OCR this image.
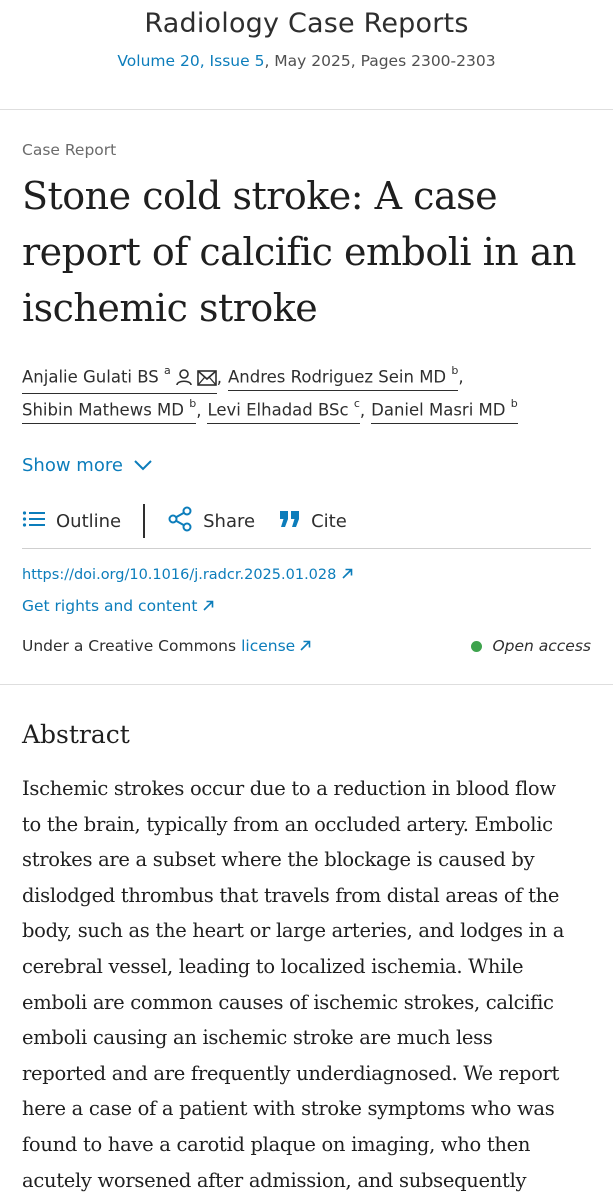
Radiology Case Reports
Volume 20, Issue 5, May 2025, Pages 2300-2303
Case Report
Stone cold stroke: A case report of calcific emboli in an ischemic stroke
Anjalie Gulati BS $^a$	, Andres Rodriguez Sein MD $^b$,
Shibin Mathews MD $^b$, Levi Elhadad BSc $^c$, Daniel Masri MD $^b$
Show more
Outline	Share	Cite
https://doi.org/10.1016/j.radcr.2025.01.028
Get rights and content
Under a Creative Commons license	Open access
Abstract
Ischemic strokes occur due to a reduction in blood flow
to the brain, typically from an occluded artery. Embolic
strokes are a subset where the blockage is caused by
dislodged thrombus that travels from distal areas of the
body, such as the heart or large arteries, and lodges in a
cerebral vessel, leading to localized ischemia. While
emboli are common causes of ischemic strokes, calcific
emboli causing an ischemic stroke are much less
reported and are frequently underdiagnosed. We report
here a case of a patient with stroke symptoms who was
found to have a carotid plaque on imaging, who then
acutely worsened after admission, and subsequently
